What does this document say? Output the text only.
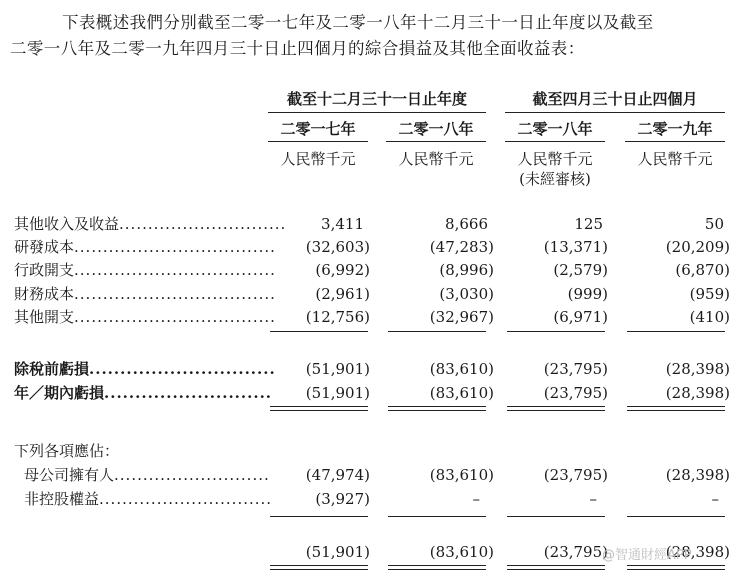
下表概述我們分別截至二零一七年及二零一八年十二月三十一日止年度以及截至
二零一八年及二零一九年四月三十日止四個月的綜合損益及其他全面收益表：
截至十二月三十一日止年度	截至四月三十日止四個月
二零一七年	二零一八年	二零一八年	二零一九年
人民幣千元	人民幣千元	人民幣千元	人民幣千元
(未經審核)
其他收入及收益.............................	3,411	8,666	125	50
研發成本...................................	(32,603)	(47,283)	(13,371)	(20,209)
行政開支...................................	(6,992)	(8,996)	(2,579)	(6,870)
財務成本...................................	(2,961)	(3,030)	(999)	(959)
其他開支...................................	(12,756)	(32,967)	(6,971)	(410)
除稅前虧損..............................	(51,901)	(83,610)	(23,795)	(28,398)
年／期內虧損...........................	(51,901)	(83,610)	(23,795)	(28,398)
下列各項應佔：
母公司擁有人...........................	(47,974)	(83,610)	(23,795)	(28,398)
非控股權益..............................	(3,927)	–	–	–
(51,901)	(83,610)	(23,795)	(28,398)
@智通財經APP
